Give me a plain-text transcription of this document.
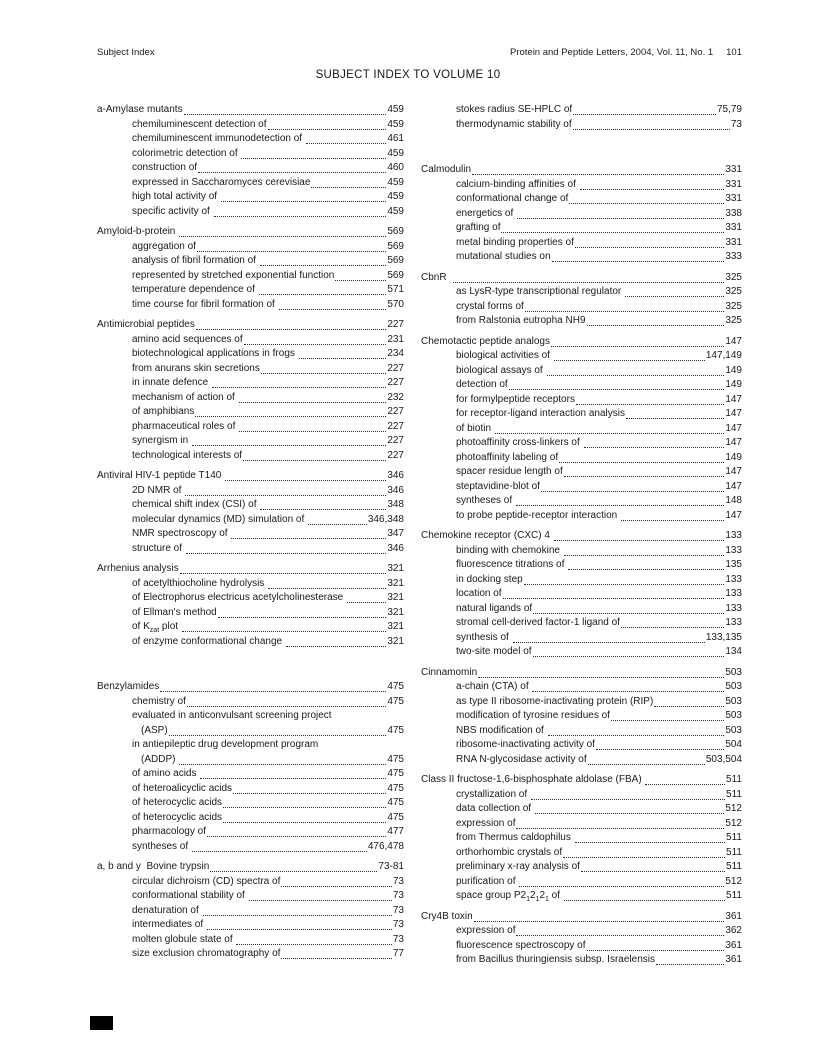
Subject Index	Protein and Peptide Letters, 2004, Vol. 11, No. 1 101
SUBJECT INDEX TO VOLUME 10
a-Amylase mutants	459
chemiluminescent detection of	459
chemiluminescent immunodetection of	461
colorimetric detection of	459
construction of	460
expressed in Saccharomyces cerevisiae	459
high total activity of	459
specific activity of	459
Amyloid-b-protein	569
aggregation of	569
analysis of fibril formation of	569
represented by stretched exponential function	569
temperature dependence of	571
time course for fibril formation of	570
Antimicrobial peptides	227
amino acid sequences of	231
biotechnological applications in frogs	234
from anurans skin secretions	227
in innate defence	227
mechanism of action of	232
of amphibians	227
pharmaceutical roles of	227
synergism in	227
technological interests of	227
Antiviral HIV-1 peptide T140	346
2D NMR of	346
chemical shift index (CSI) of	348
molecular dynamics (MD) simulation of	346,348
NMR spectroscopy of	347
structure of	346
Arrhenius analysis	321
of acetylthiocholine hydrolysis	321
of Electrophorus electricus acetylcholinesterase	321
of Ellman's method	321
of $K_{zat}$ plot	321
of enzyme conformational change	321
Benzylamides	475
chemistry of	475
evaluated in anticonvulsant screening project
(ASP)	475
in antiepileptic drug development program
(ADDP)	475
of amino acids	475
of heteroalicyclic acids	475
of heterocyclic acids	475
of heterocyclic acids	475
pharmacology of	477
syntheses of	476,478
a, b and y  Bovine trypsin	73-81
circular dichroism (CD) spectra of	73
conformational stability of	73
denaturation of	73
intermediates of	73
molten globule state of	73
size exclusion chromatography of	77
stokes radius SE-HPLC of	75,79
thermodynamic stability of	73
Calmodulin	331
calcium-binding affinities of	331
conformational change of	331
energetics of	338
grafting of	331
metal binding properties of	331
mutational studies on	333
CbnR	325
as LysR-type transcriptional regulator	325
crystal forms of	325
from Ralstonia eutropha NH9	325
Chemotactic peptide analogs	147
biological activities of	147,149
biological assays of	149
detection of	149
for formylpeptide receptors	147
for receptor-ligand interaction analysis	147
of biotin	147
photoaffinity cross-linkers of	147
photoaffinity labeling of	149
spacer residue length of	147
steptavidine-blot of	147
syntheses of	148
to probe peptide-receptor interaction	147
Chemokine receptor (CXC) 4	133
binding with chemokine	133
fluorescence titrations of	135
in docking step	133
location of	133
natural ligands of	133
stromal cell-derived factor-1 ligand of	133
synthesis of	133,135
two-site model of	134
Cinnamomin	503
a-chain (CTA) of	503
as type II ribosome-inactivating protein (RIP)	503
modification of tyrosine residues of	503
NBS modification of	503
ribosome-inactivating activity of	504
RNA N-glycosidase activity of	503,504
Class II fructose-1,6-bisphosphate aldolase (FBA)	511
crystallization of	511
data collection of	512
expression of	512
from Thermus caldophilus	511
orthorhombic crystals of	511
preliminary x-ray analysis of	511
purification of	512
space group $P2_12_12_1$ of	511
Cry4B toxin	361
expression of	362
fluorescence spectroscopy of	361
from Bacillus thuringiensis subsp. Israelensis	361
